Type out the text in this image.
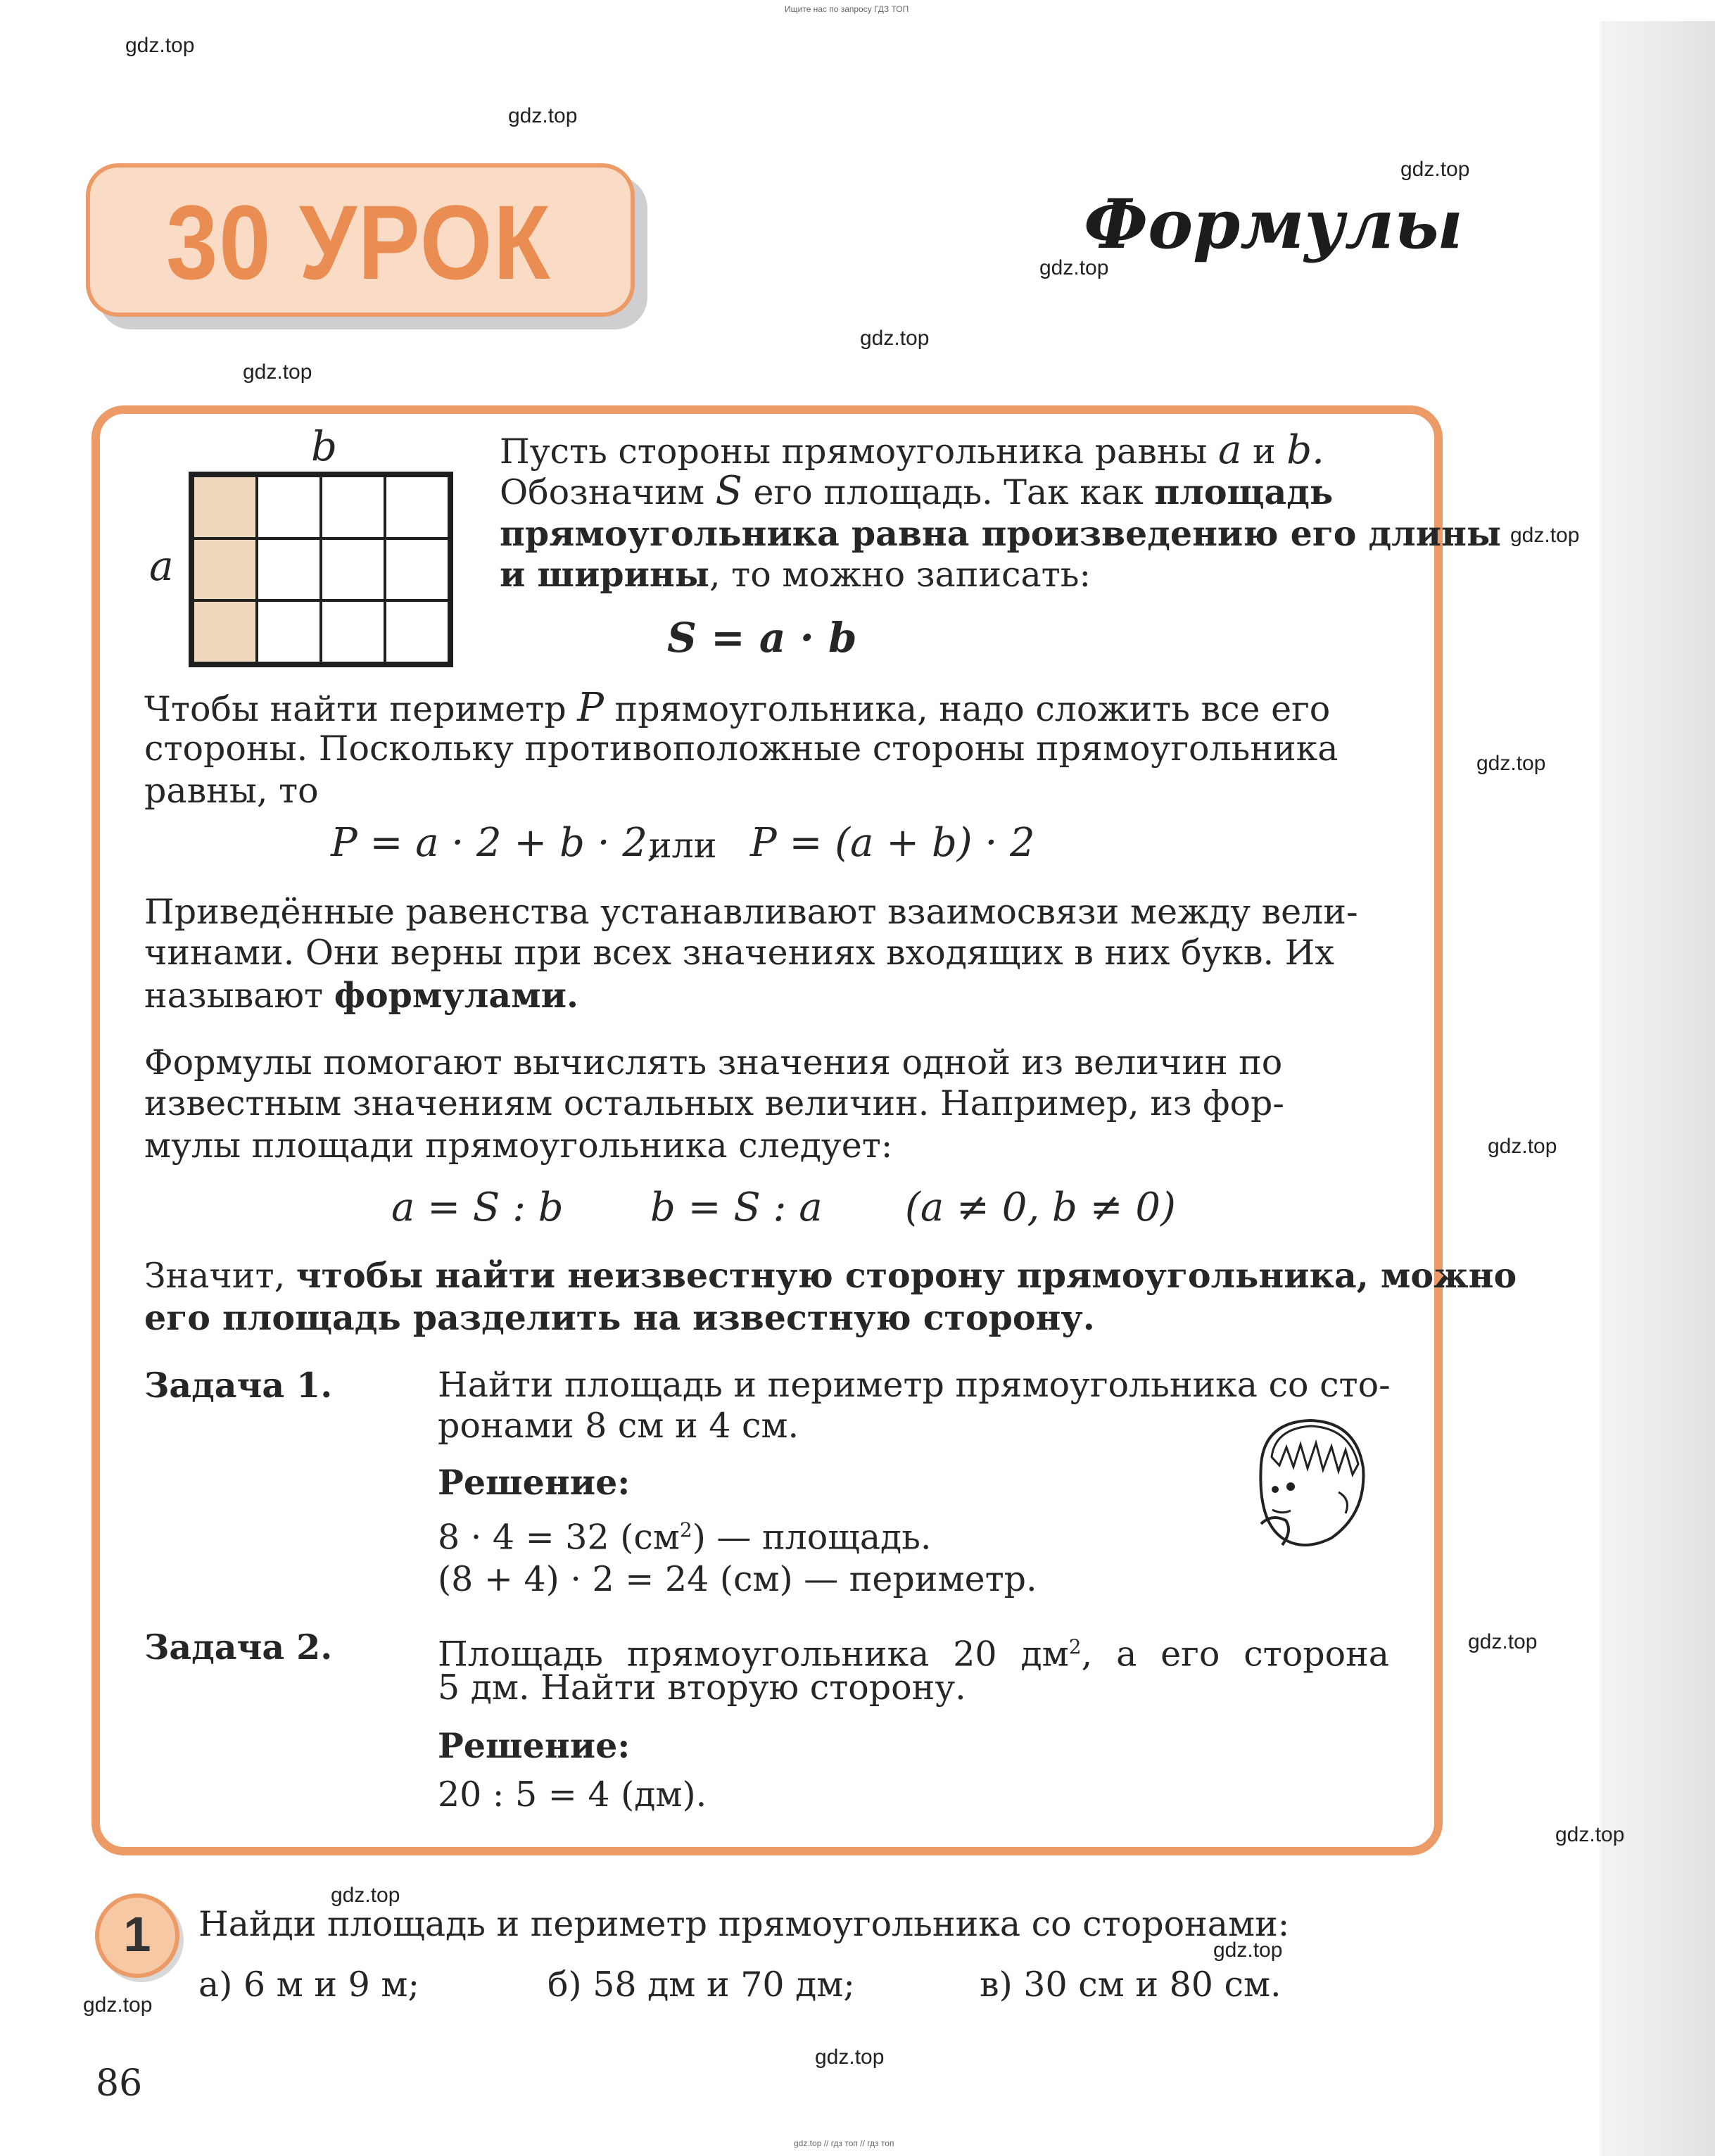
Ищите нас по запросу ГДЗ ТОП
gdz.top // гдз топ // гдз топ
gdz.top
gdz.top
gdz.top
gdz.top
gdz.top
gdz.top
gdz.top
gdz.top
gdz.top
gdz.top
gdz.top
gdz.top
gdz.top
gdz.top
gdz.top
30 УРОК	Формулы
b
a
Пусть стороны прямоугольника равны a и b.
Обозначим S его площадь. Так как площадь
прямоугольника равна произведению его длины
и ширины, то можно записать:
S = a · b
Чтобы найти периметр P прямоугольника, надо сложить все его
стороны. Поскольку противоположные стороны прямоугольника
равны, то
P = a · 2 + b · 2,
или P = (a + b) · 2
Приведённые равенства устанавливают взаимосвязи между вели-
чинами. Они верны при всех значениях входящих в них букв. Их
называют формулами.
Формулы помогают вычислять значения одной из величин по
известным значениям остальных величин. Например, из фор-
мулы площади прямоугольника следует:
a = S : b b = S : a (a ≠ 0, b ≠ 0)
Значит, чтобы найти неизвестную сторону прямоугольника, можно
его площадь разделить на известную сторону.
Задача 1.	Найти площадь и периметр прямоугольника со сто-
ронами 8 см и 4 см.
Решение:
8 · 4 = 32 $(см^2)$ — площадь.
(8 + 4) · 2 = 24 (см) — периметр.
Задача 2.	Площадь прямоугольника 20 $дм^2$, а его сторона
5 дм. Найти вторую сторону.
Решение:
20 : 5 = 4 (дм).
1	Найди площадь и периметр прямоугольника со сторонами:
а) 6 м и 9 м;	б) 58 дм и 70 дм;	в) 30 см и 80 см.
86
